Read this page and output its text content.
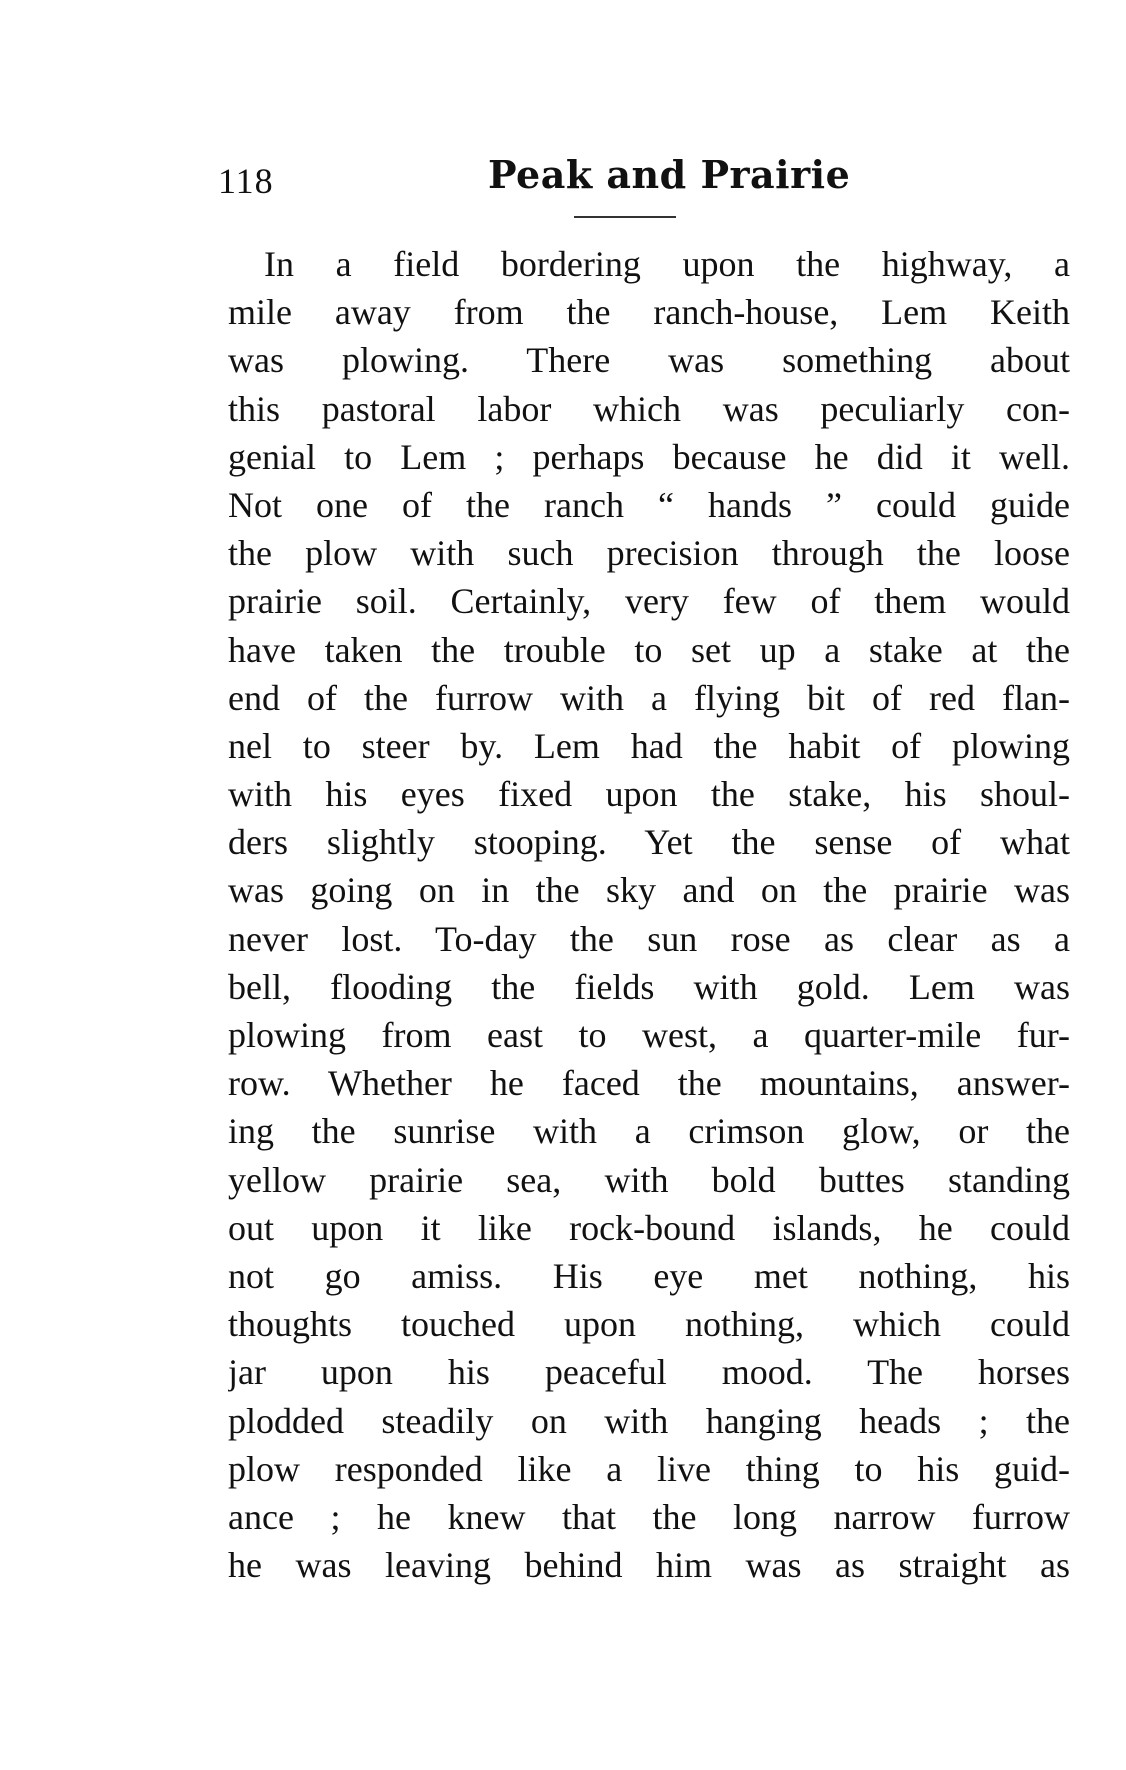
118	Peak and Prairie
In a field bordering upon the highway, a
mile away from the ranch-house, Lem Keith
was plowing. There was something about
this pastoral labor which was peculiarly con-
genial to Lem ; perhaps because he did it well.
Not one of the ranch “ hands ” could guide
the plow with such precision through the loose
prairie soil. Certainly, very few of them would
have taken the trouble to set up a stake at the
end of the furrow with a flying bit of red flan-
nel to steer by. Lem had the habit of plowing
with his eyes fixed upon the stake, his shoul-
ders slightly stooping. Yet the sense of what
was going on in the sky and on the prairie was
never lost. To-day the sun rose as clear as a
bell, flooding the fields with gold. Lem was
plowing from east to west, a quarter-mile fur-
row. Whether he faced the mountains, answer-
ing the sunrise with a crimson glow, or the
yellow prairie sea, with bold buttes standing
out upon it like rock-bound islands, he could
not go amiss. His eye met nothing, his
thoughts touched upon nothing, which could
jar upon his peaceful mood. The horses
plodded steadily on with hanging heads ; the
plow responded like a live thing to his guid-
ance ; he knew that the long narrow furrow
he was leaving behind him was as straight as
